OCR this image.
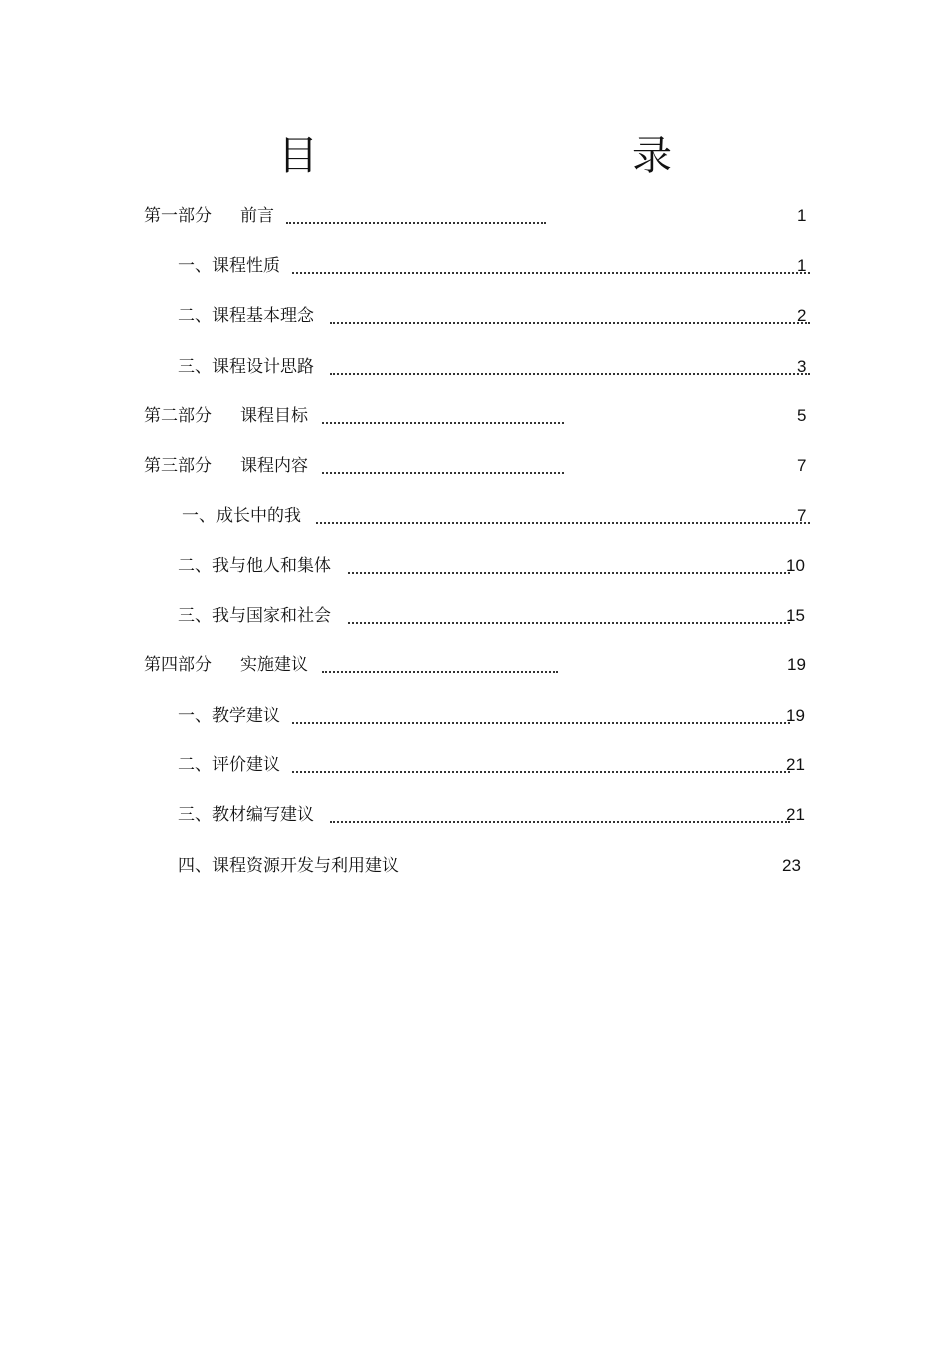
目　　录
第一部分 前言	1
一、课程性质	1
二、课程基本理念	2
三、课程设计思路	3
第二部分 课程目标	5
第三部分 课程内容	7
一、成长中的我	7
二、我与他人和集体	10
三、我与国家和社会	15
第四部分 实施建议	19
一、教学建议	19
二、评价建议	21
三、教材编写建议	21
四、课程资源开发与利用建议	23
